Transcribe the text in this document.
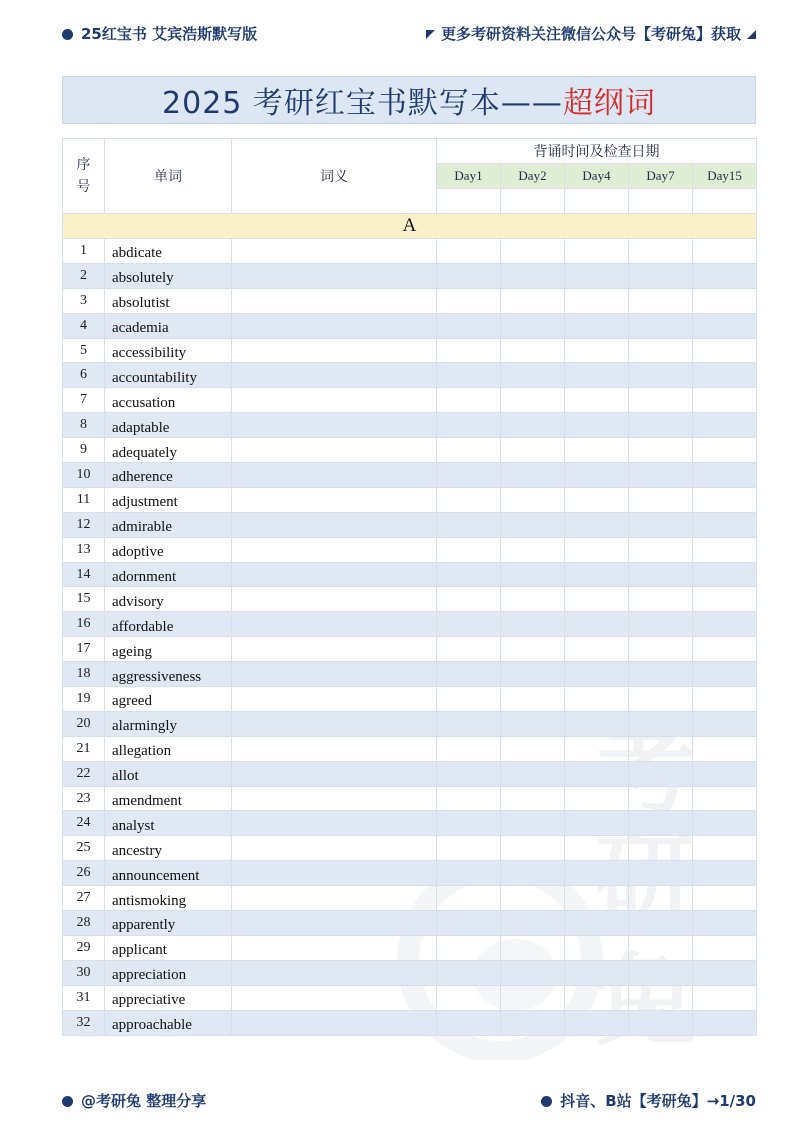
25红宝书 艾宾浩斯默写版	更多考研资料关注微信公众号【考研兔】获取
2025 考研红宝书默写本—— 超纲词
兔
A							

序
号	单词	词义	背诵时间及检查日期				
			Day1	Day2	Day4	Day7	Day15

1	abdicate						
2	absolutely						
3	absolutist						
4	academia						
5	accessibility						
6	accountability						
7	accusation						
8	adaptable						
9	adequately						
10	adherence						
11	adjustment						
12	admirable						
13	adoptive						
14	adornment						
15	advisory						
16	affordable						
17	ageing						
18	aggressiveness						
19	agreed						
20	alarmingly						
21	allegation						
22	allot						
23	amendment						
24	analyst						
25	ancestry						
26	announcement						
27	antismoking						
28	apparently						
29	applicant						
30	appreciation						
31	appreciative						
32	approachable						
@考研兔 整理分享	抖音、B站【考研兔】→1/30
